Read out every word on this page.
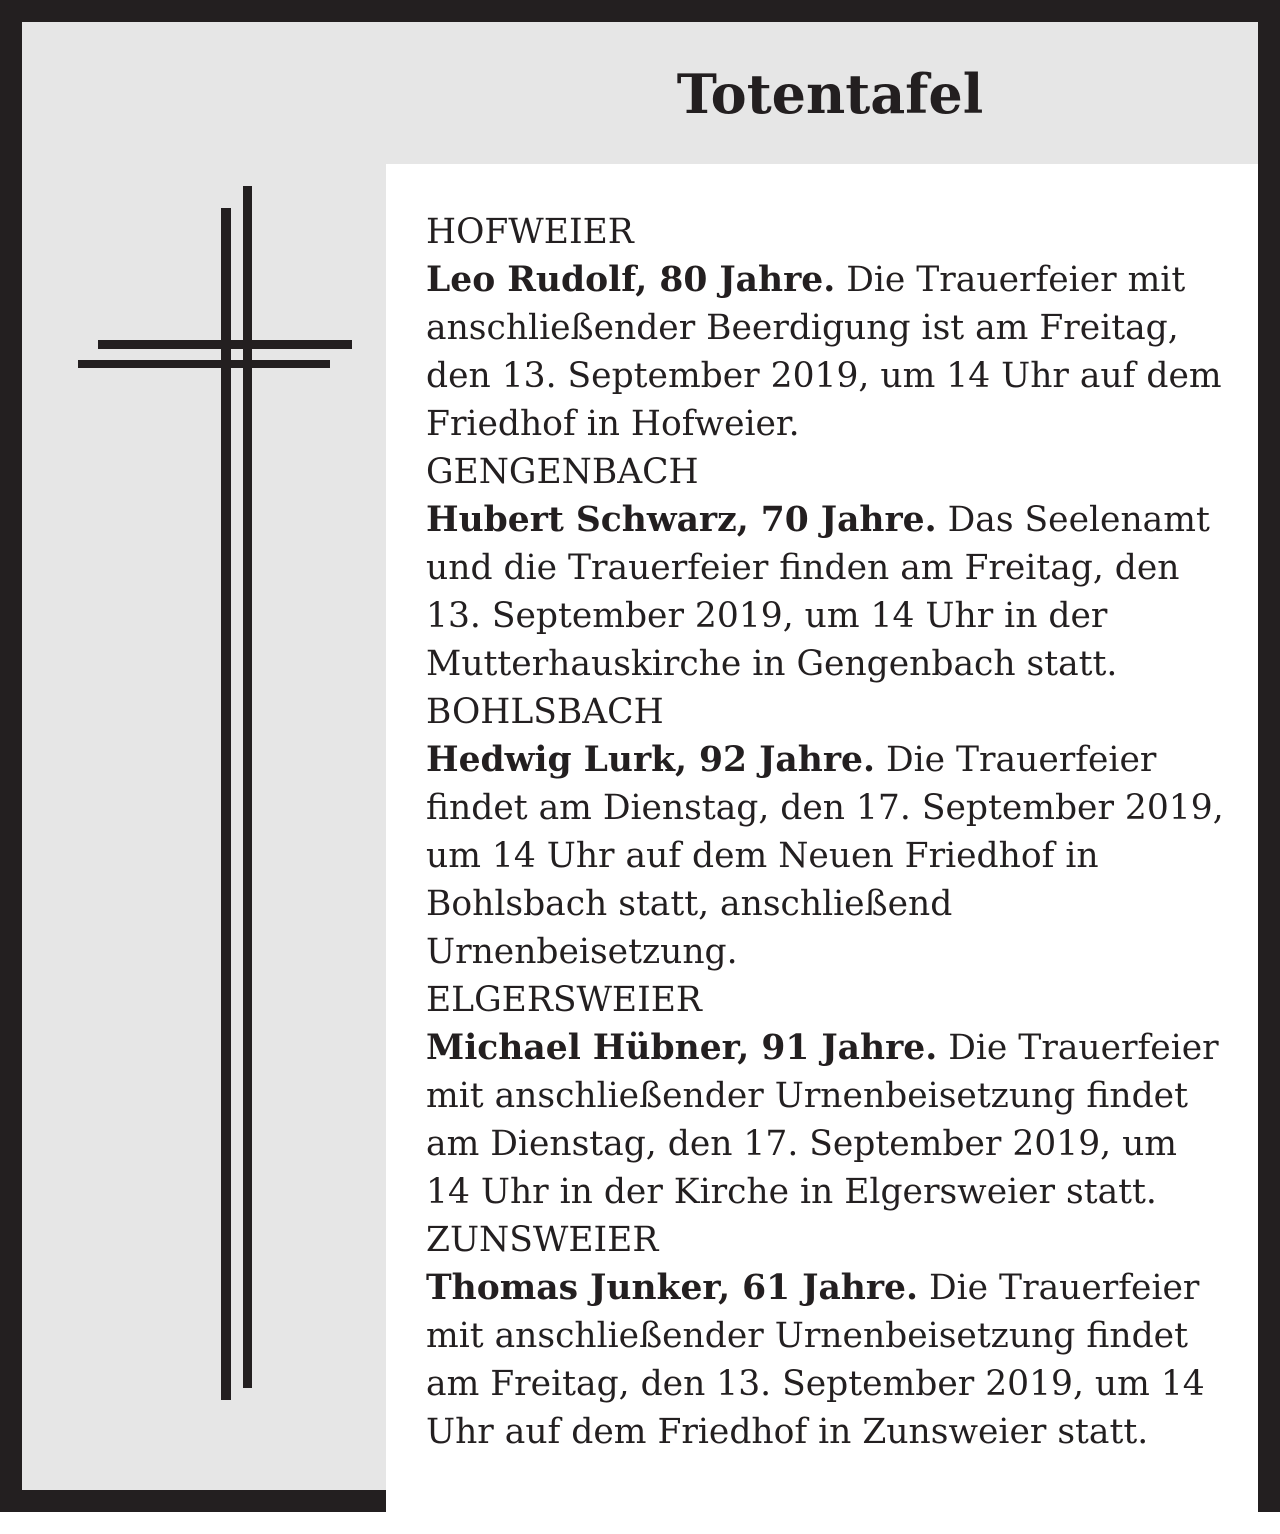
Totentafel
HOFWEIER
Leo Rudolf, 80 Jahre. Die Trauerfeier mit anschließender Beerdigung ist am Freitag, den 13. September 2019, um 14 Uhr auf dem Friedhof in Hofweier.
GENGENBACH
Hubert Schwarz, 70 Jahre. Das Seelenamt und die Trauerfeier finden am Freitag, den 13. September 2019, um 14 Uhr in der Mutterhauskirche in Gengenbach statt.
BOHLSBACH
Hedwig Lurk, 92 Jahre. Die Trauerfeier findet am Dienstag, den 17. September 2019, um 14 Uhr auf dem Neuen Friedhof in Bohlsbach statt, anschließend Urnenbeisetzung.
ELGERSWEIER
Michael Hübner, 91 Jahre. Die Trauerfeier mit anschließender Urnenbeisetzung findet am Dienstag, den 17. September 2019, um 14 Uhr in der Kirche in Elgersweier statt.
ZUNSWEIER
Thomas Junker, 61 Jahre. Die Trauerfeier mit anschließender Urnenbeisetzung findet am Freitag, den 13. September 2019, um 14 Uhr auf dem Friedhof in Zunsweier statt.
